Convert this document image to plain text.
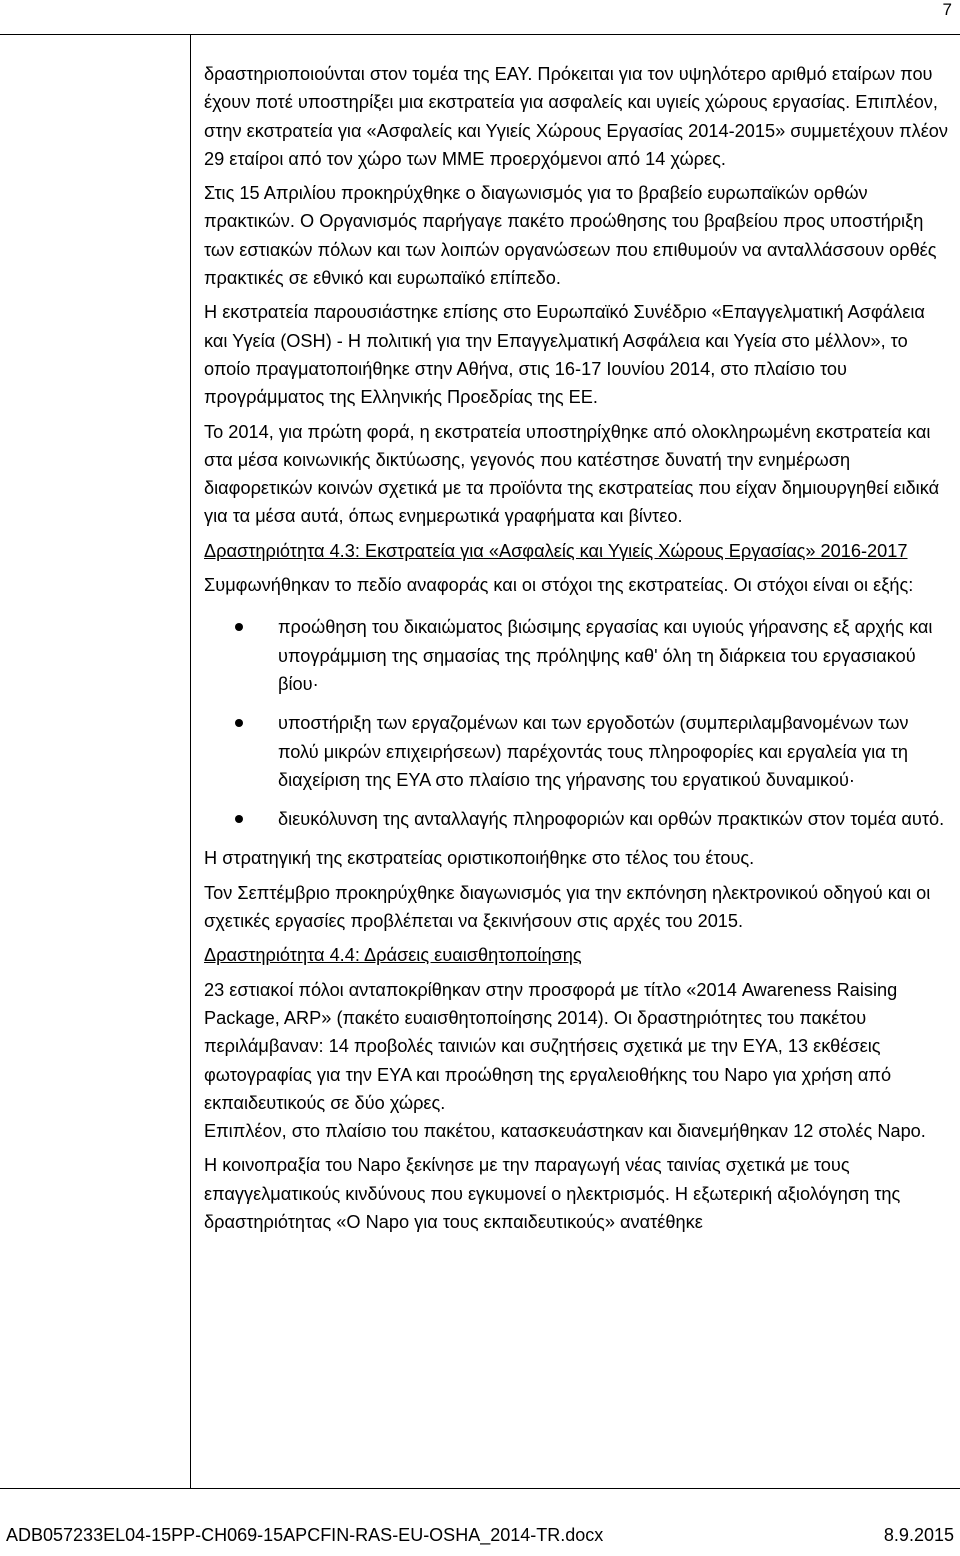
7

δραστηριοποιούνται στον τομέα της ΕΑΥ. Πρόκειται για τον υψηλότερο αριθμό εταίρων που έχουν ποτέ υποστηρίξει μια εκστρατεία για ασφαλείς και υγιείς χώρους εργασίας. Επιπλέον, στην εκστρατεία για «Ασφαλείς και Υγιείς Χώρους Εργασίας 2014-2015» συμμετέχουν πλέον 29 εταίροι από τον χώρο των ΜΜΕ προερχόμενοι από 14 χώρες.

Στις 15 Απριλίου προκηρύχθηκε ο διαγωνισμός για το βραβείο ευρωπαϊκών ορθών πρακτικών. Ο Οργανισμός παρήγαγε πακέτο προώθησης του βραβείου προς υποστήριξη των εστιακών πόλων και των λοιπών οργανώσεων που επιθυμούν να ανταλλάσσουν ορθές πρακτικές σε εθνικό και ευρωπαϊκό επίπεδο.

Η εκστρατεία παρουσιάστηκε επίσης στο Ευρωπαϊκό Συνέδριο «Επαγγελματική Ασφάλεια και Υγεία (OSH) - Η πολιτική για την Επαγγελματική Ασφάλεια και Υγεία στο μέλλον», το οποίο πραγματοποιήθηκε στην Αθήνα, στις 16-17 Ιουνίου 2014, στο πλαίσιο του προγράμματος της Ελληνικής Προεδρίας της ΕΕ.

Το 2014, για πρώτη φορά, η εκστρατεία υποστηρίχθηκε από ολοκληρωμένη εκστρατεία και στα μέσα κοινωνικής δικτύωσης, γεγονός που κατέστησε δυνατή την ενημέρωση διαφορετικών κοινών σχετικά με τα προϊόντα της εκστρατείας που είχαν δημιουργηθεί ειδικά για τα μέσα αυτά, όπως ενημερωτικά γραφήματα και βίντεο.

Δραστηριότητα 4.3: Εκστρατεία για «Ασφαλείς και Υγιείς Χώρους Εργασίας» 2016-2017

Συμφωνήθηκαν το πεδίο αναφοράς και οι στόχοι της εκστρατείας. Οι στόχοι είναι οι εξής:

προώθηση του δικαιώματος βιώσιμης εργασίας και υγιούς γήρανσης εξ αρχής και υπογράμμιση της σημασίας της πρόληψης καθ' όλη τη διάρκεια του εργασιακού βίου·
υποστήριξη των εργαζομένων και των εργοδοτών (συμπεριλαμβανομένων των πολύ μικρών επιχειρήσεων) παρέχοντάς τους πληροφορίες και εργαλεία για τη διαχείριση της ΕΥΑ στο πλαίσιο της γήρανσης του εργατικού δυναμικού·
διευκόλυνση της ανταλλαγής πληροφοριών και ορθών πρακτικών στον τομέα αυτό.

Η στρατηγική της εκστρατείας οριστικοποιήθηκε στο τέλος του έτους.

Τον Σεπτέμβριο προκηρύχθηκε διαγωνισμός για την εκπόνηση ηλεκτρονικού οδηγού και οι σχετικές εργασίες προβλέπεται να ξεκινήσουν στις αρχές του 2015.

Δραστηριότητα 4.4: Δράσεις ευαισθητοποίησης

23 εστιακοί πόλοι ανταποκρίθηκαν στην προσφορά με τίτλο «2014 Awareness Raising Package, ARP» (πακέτο ευαισθητοποίησης 2014). Οι δραστηριότητες του πακέτου περιλάμβαναν: 14 προβολές ταινιών και συζητήσεις σχετικά με την ΕΥΑ, 13 εκθέσεις φωτογραφίας για την ΕΥΑ και προώθηση της εργαλειοθήκης του Napo για χρήση από εκπαιδευτικούς σε δύο χώρες.

Επιπλέον, στο πλαίσιο του πακέτου, κατασκευάστηκαν και διανεμήθηκαν 12 στολές Napo.

Η κοινοπραξία του Napo ξεκίνησε με την παραγωγή νέας ταινίας σχετικά με τους επαγγελματικούς κινδύνους που εγκυμονεί ο ηλεκτρισμός. Η εξωτερική αξιολόγηση της δραστηριότητας «Ο Napo για τους εκπαιδευτικούς» ανατέθηκε

ADB057233EL04-15PP-CH069-15APCFIN-RAS-EU-OSHA_2014-TR.docx	8.9.2015
